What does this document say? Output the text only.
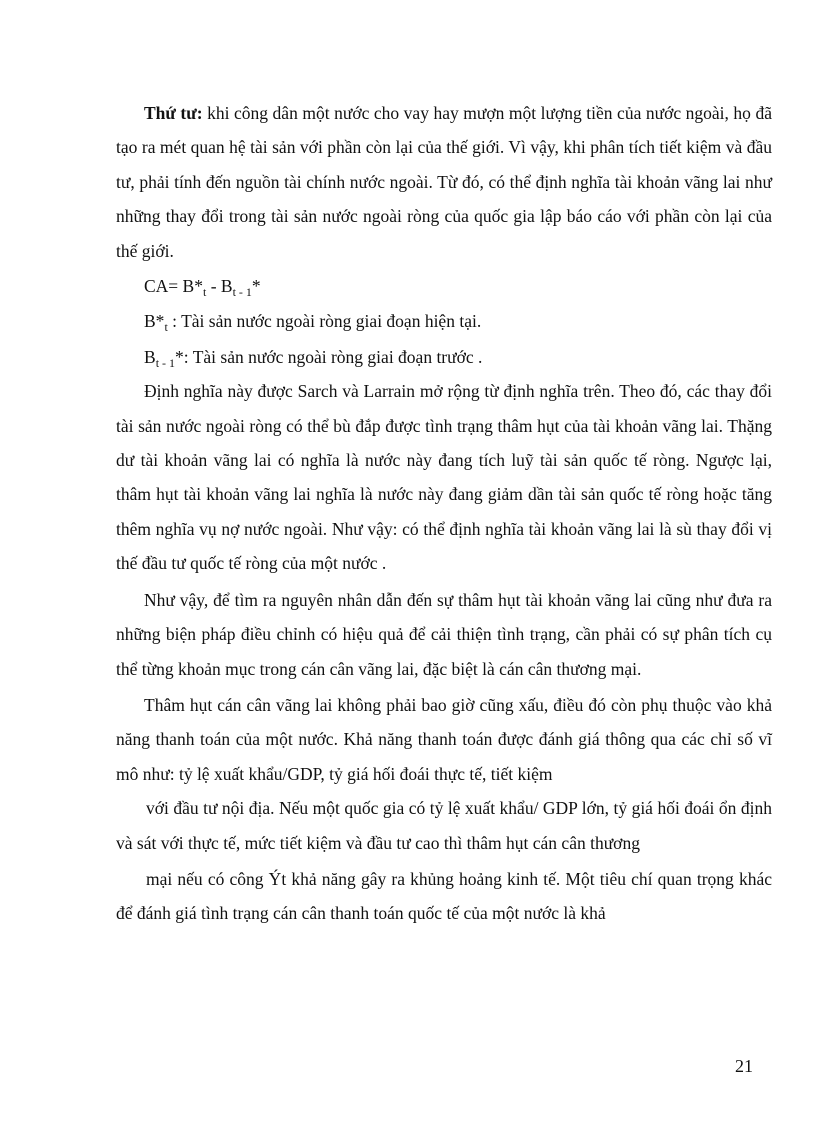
Thứ tư: khi công dân một nước cho vay hay mượn một lượng tiền của nước ngoài, họ đã tạo ra mét quan hệ tài sản với phần còn lại của thế giới. Vì vậy, khi phân tích tiết kiệm và đầu tư, phải tính đến nguồn tài chính nước ngoài. Từ đó, có thể định nghĩa tài khoản vãng lai như những thay đổi trong tài sản nước ngoài ròng của quốc gia lập báo cáo với phần còn lại của thế giới.

$CA= B*_t - B_{t - 1}*$

$B*_t$ : Tài sản nước ngoài ròng giai đoạn hiện tại.

$B_{t - 1}*$: Tài sản nước ngoài ròng giai đoạn trước .

Định nghĩa này được Sarch và Larrain mở rộng từ định nghĩa trên. Theo đó, các thay đổi tài sản nước ngoài ròng có thể bù đắp được tình trạng thâm hụt của tài khoản vãng lai. Thặng dư tài khoản vãng lai có nghĩa là nước này đang tích luỹ tài sản quốc tế ròng. Ngược lại, thâm hụt tài khoản vãng lai nghĩa là nước này đang giảm dần tài sản quốc tế ròng hoặc tăng thêm nghĩa vụ nợ nước ngoài. Như vậy: có thể định nghĩa tài khoản vãng lai là sù thay đổi vị thế đầu tư quốc tế ròng của một nước .

Như vậy, để tìm ra nguyên nhân dẫn đến sự thâm hụt tài khoản vãng lai cũng như đưa ra những biện pháp điều chỉnh có hiệu quả để cải thiện tình trạng, cần phải có sự phân tích cụ thể từng khoản mục trong cán cân vãng lai, đặc biệt là cán cân thương mại.

Thâm hụt cán cân vãng lai không phải bao giờ cũng xấu, điều đó còn phụ thuộc vào khả năng thanh toán của một nước. Khả năng thanh toán được đánh giá thông qua các chỉ số vĩ mô như: tỷ lệ xuất khẩu/GDP, tỷ giá hối đoái thực tế, tiết kiệm

với đầu tư nội địa. Nếu một quốc gia có tỷ lệ xuất khẩu/ GDP lớn, tỷ giá hối đoái ổn định và sát với thực tế, mức tiết kiệm và đầu tư cao thì thâm hụt cán cân thương

mại nếu có công Ýt khả năng gây ra khủng hoảng kinh tế. Một tiêu chí quan trọng khác để đánh giá tình trạng cán cân thanh toán quốc tế của một nước là khả

21
